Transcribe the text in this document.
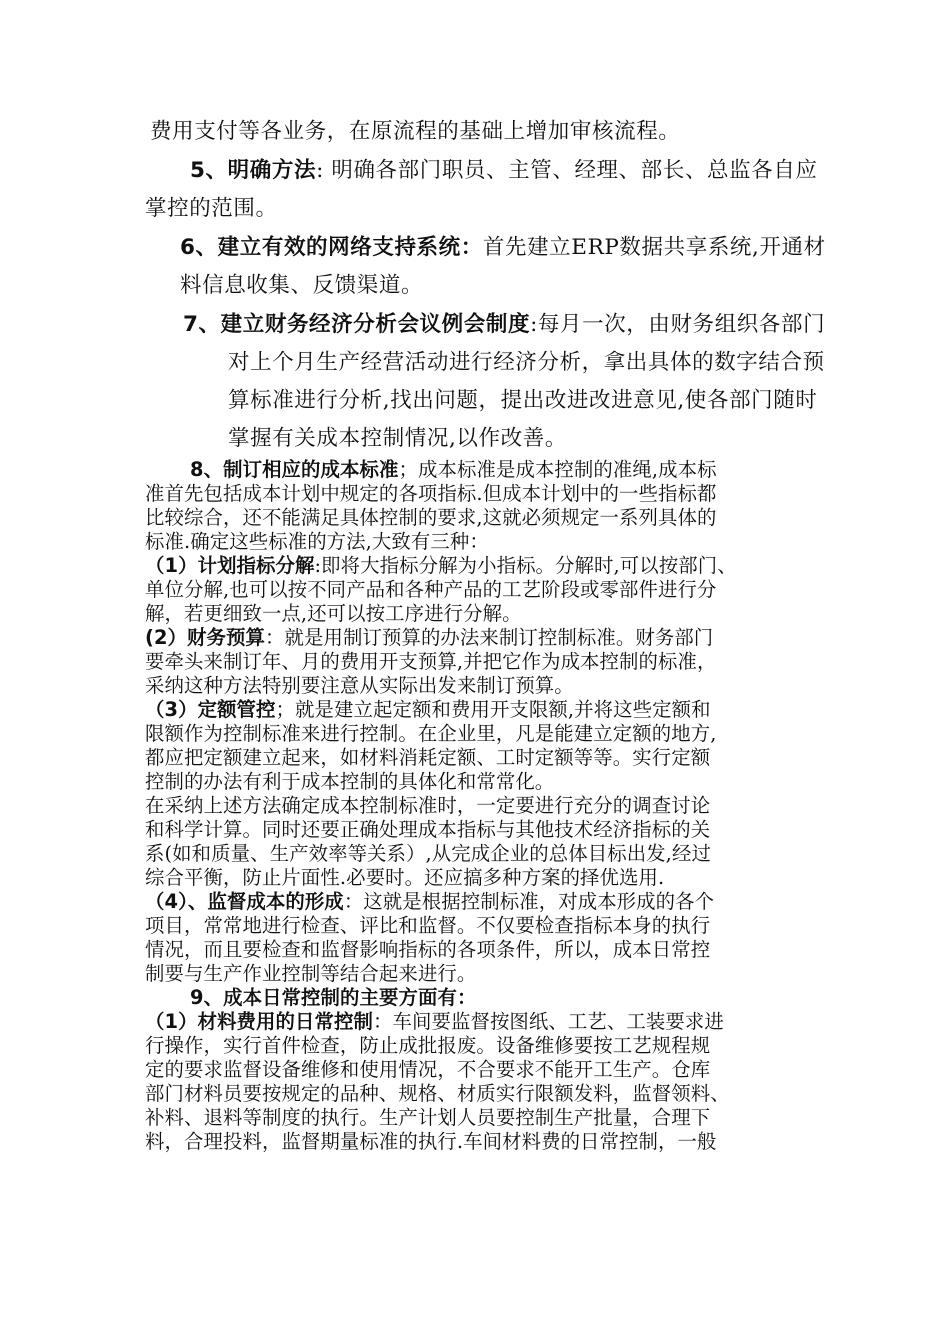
费用支付等各业务，在原流程的基础上增加审核流程。
5、明确方法: 明确各部门职员、主管、经理、部长、总监各自应
掌控的范围。
6、建立有效的网络支持系统：首先建立ERP数据共享系统,开通材
料信息收集、反馈渠道。
7、建立财务经济分析会议例会制度:每月一次，由财务组织各部门
对上个月生产经营活动进行经济分析，拿出具体的数字结合预
算标准进行分析,找出问题，提出改进改进意见,使各部门随时
掌握有关成本控制情况,以作改善。
8、制订相应的成本标准；成本标准是成本控制的准绳,成本标
准首先包括成本计划中规定的各项指标.但成本计划中的一些指标都
比较综合，还不能满足具体控制的要求,这就必须规定一系列具体的
标准.确定这些标准的方法,大致有三种：
（1）计划指标分解:即将大指标分解为小指标。分解时,可以按部门、
单位分解,也可以按不同产品和各种产品的工艺阶段或零部件进行分
解，若更细致一点,还可以按工序进行分解。
(2）财务预算：就是用制订预算的办法来制订控制标准。财务部门
要牵头来制订年、月的费用开支预算,并把它作为成本控制的标准，
采纳这种方法特别要注意从实际出发来制订预算。
（3）定额管控；就是建立起定额和费用开支限额,并将这些定额和
限额作为控制标准来进行控制。在企业里，凡是能建立定额的地方,
都应把定额建立起来，如材料消耗定额、工时定额等等。实行定额
控制的办法有利于成本控制的具体化和常常化。
在采纳上述方法确定成本控制标准时，一定要进行充分的调查讨论
和科学计算。同时还要正确处理成本指标与其他技术经济指标的关
系(如和质量、生产效率等关系）,从完成企业的总体目标出发,经过
综合平衡，防止片面性.必要时。还应搞多种方案的择优选用.
（4）、监督成本的形成：这就是根据控制标准，对成本形成的各个
项目，常常地进行检查、评比和监督。不仅要检查指标本身的执行
情况，而且要检查和监督影响指标的各项条件，所以，成本日常控
制要与生产作业控制等结合起来进行。
9、成本日常控制的主要方面有：
（1）材料费用的日常控制：车间要监督按图纸、工艺、工装要求进
行操作，实行首件检查，防止成批报废。设备维修要按工艺规程规
定的要求监督设备维修和使用情况，不合要求不能开工生产。仓库
部门材料员要按规定的品种、规格、材质实行限额发料，监督领料、
补料、退料等制度的执行。生产计划人员要控制生产批量，合理下
料，合理投料，监督期量标准的执行.车间材料费的日常控制，一般
